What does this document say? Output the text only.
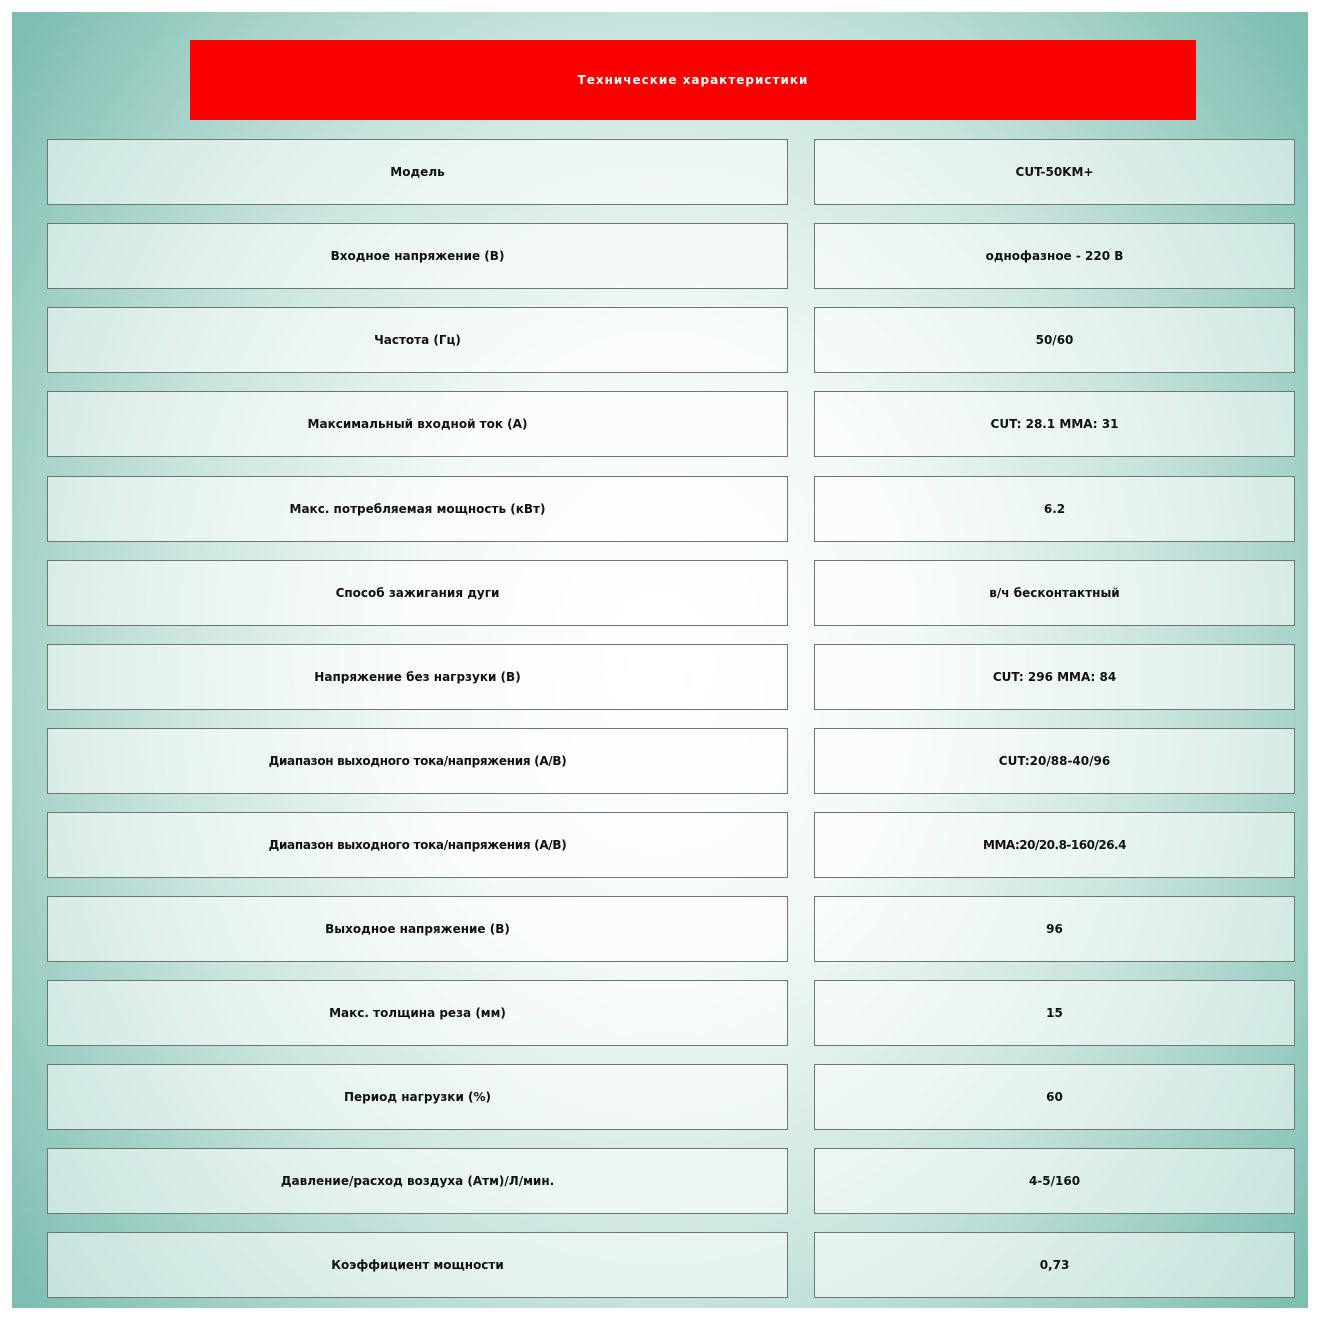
Технические характеристики
Модель	CUT-50KM+
Входное напряжение (В)	однофазное - 220 В
Частота (Гц)	50/60
Максимальный входной ток (А)	CUT: 28.1 MMA: 31
Макс. потребляемая мощность (кВт)	6.2
Способ зажигания дуги	в/ч бесконтактный
Напряжение без нагрзуки (В)	CUT: 296 MMA: 84
Диапазон выходного тока/напряжения (А/В)	CUT:20/88-40/96
Диапазон выходного тока/напряжения (А/В)	MMA:20/20.8-160/26.4
Выходное напряжение (В)	96
Макс. толщина реза (мм)	15
Период нагрузки (%)	60
Давление/расход воздуха (Атм)/Л/мин.	4-5/160
Коэффициент мощности	0,73
